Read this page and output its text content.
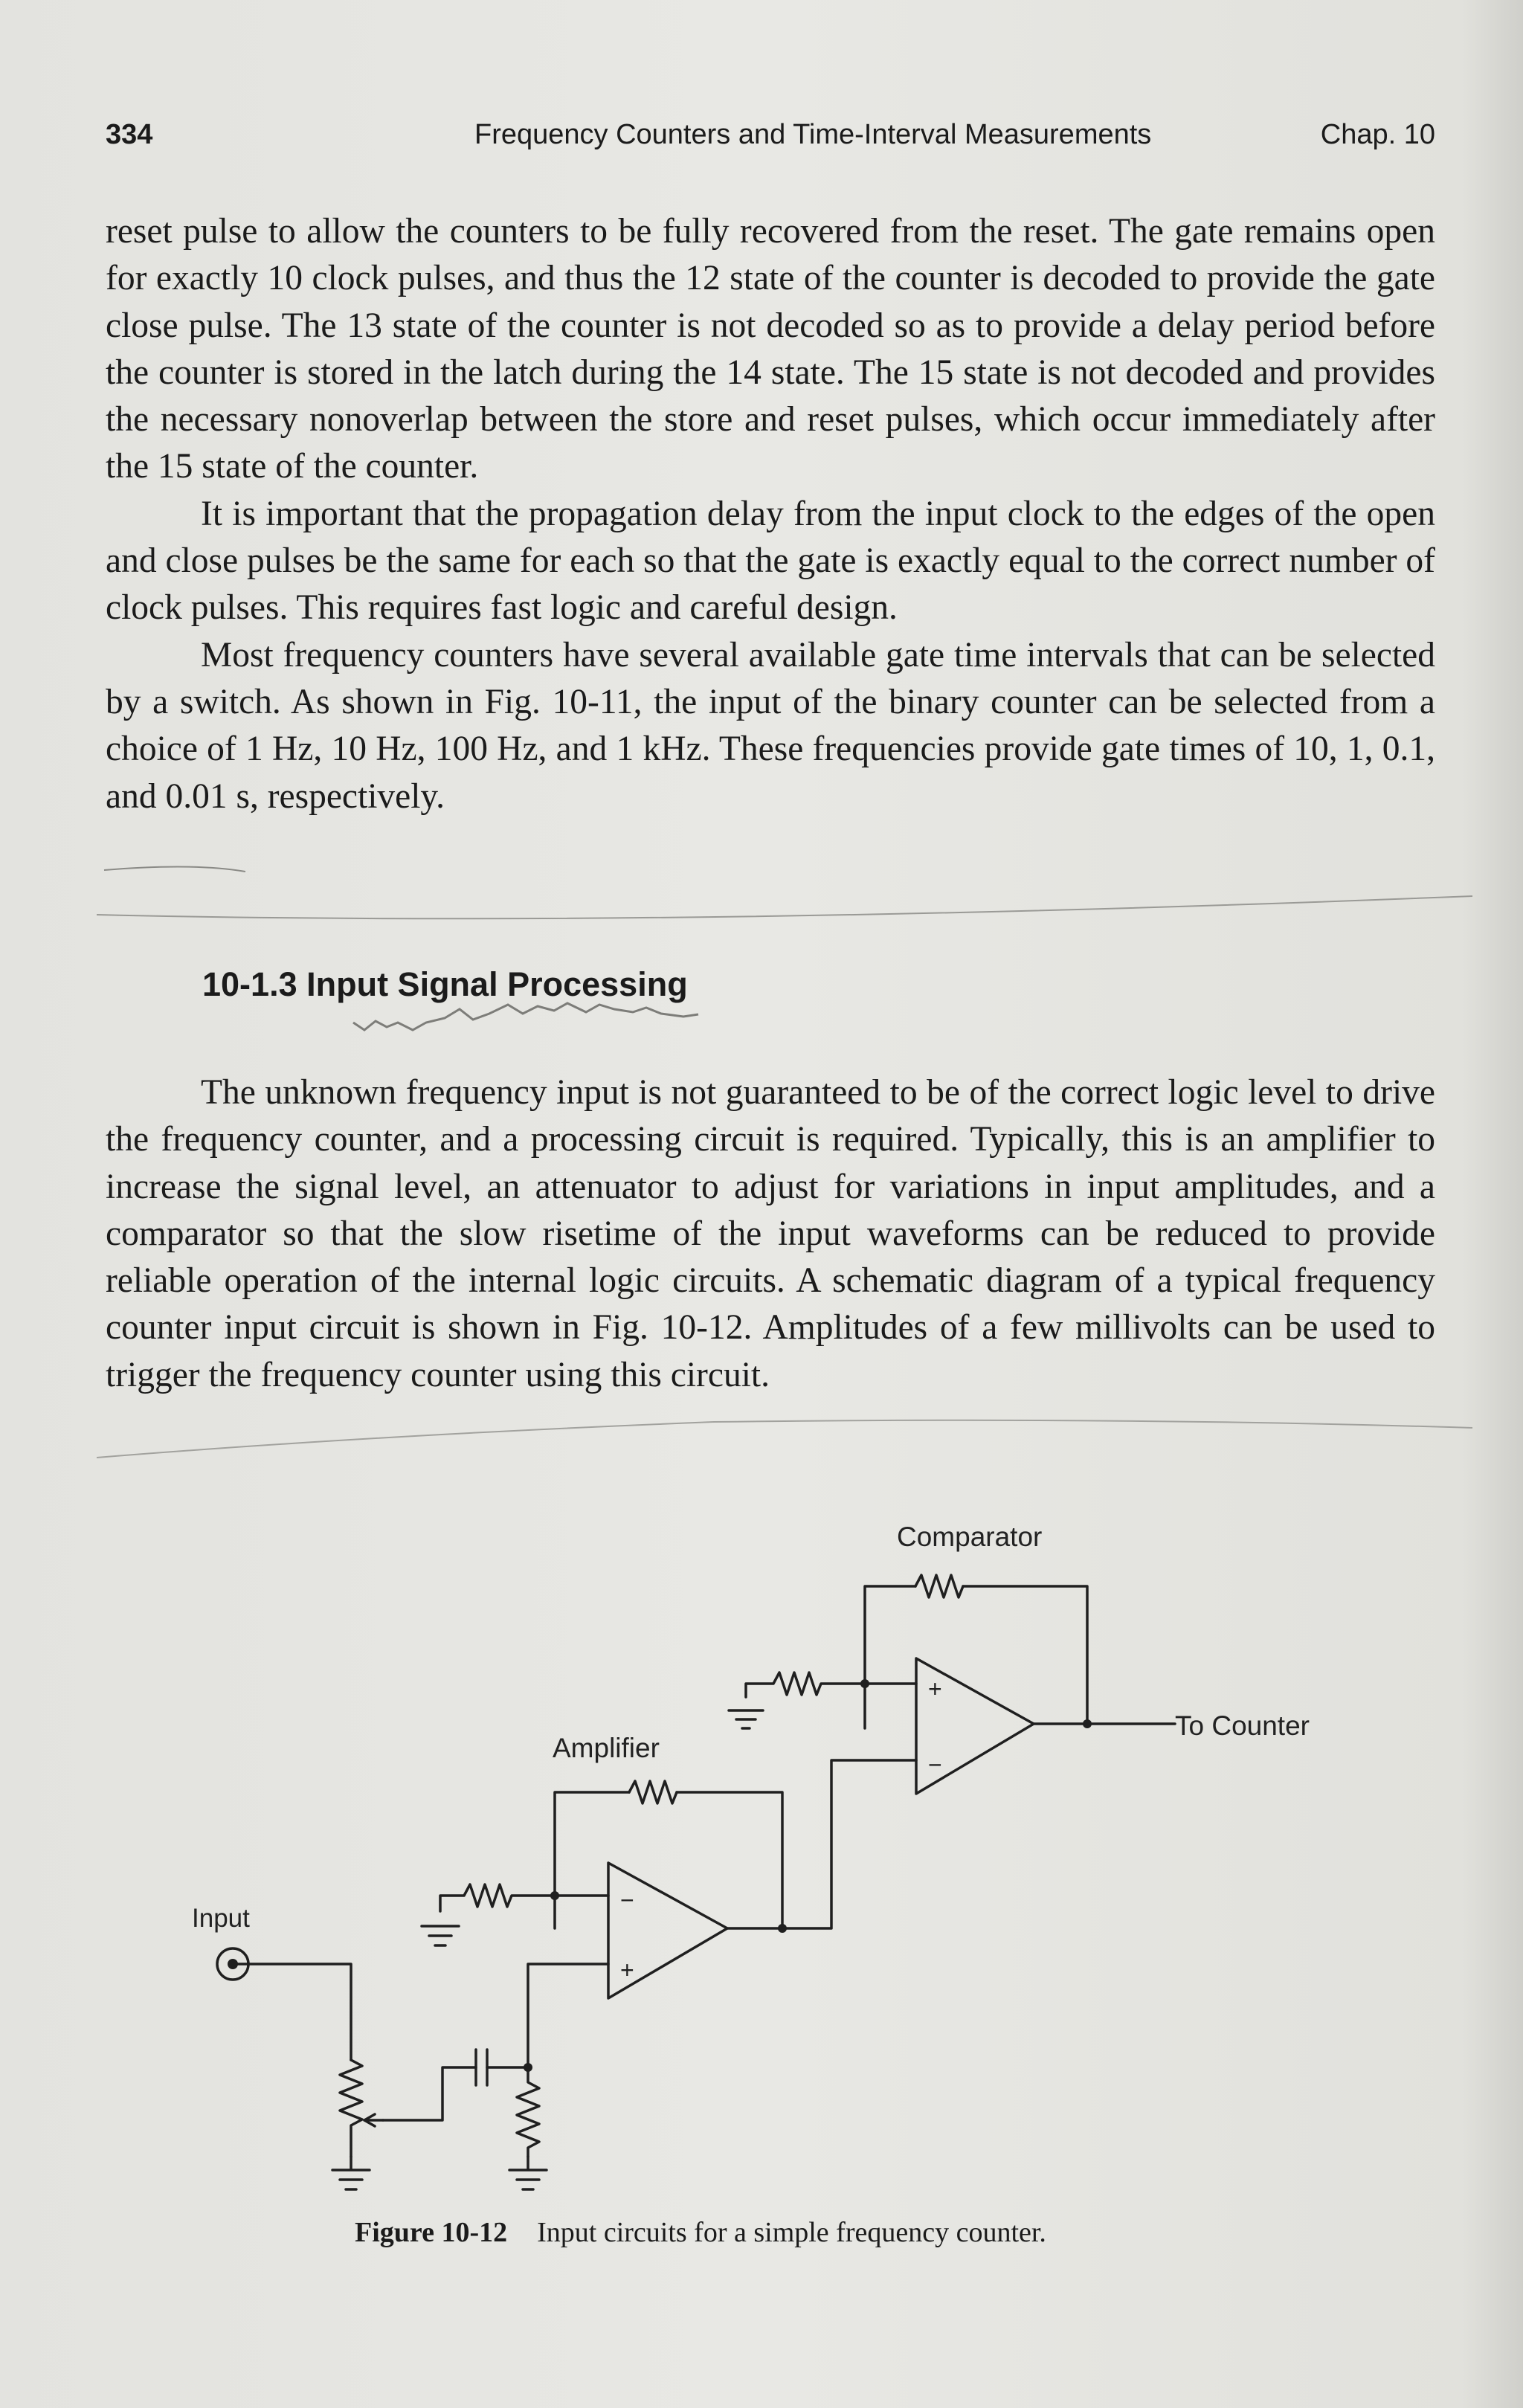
334	Frequency Counters and Time-Interval Measurements	Chap. 10

reset pulse to allow the counters to be fully recovered from the reset. The gate remains open for exactly 10 clock pulses, and thus the 12 state of the counter is decoded to provide the gate close pulse. The 13 state of the counter is not decoded so as to provide a delay period before the counter is stored in the latch during the 14 state. The 15 state is not decoded and provides the necessary nonoverlap between the store and reset pulses, which occur immediately after the 15 state of the counter.

It is important that the propagation delay from the input clock to the edges of the open and close pulses be the same for each so that the gate is exactly equal to the correct number of clock pulses. This requires fast logic and careful design.

Most frequency counters have several available gate time intervals that can be selected by a switch. As shown in Fig. 10-11, the input of the binary counter can be selected from a choice of 1 Hz, 10 Hz, 100 Hz, and 1 kHz. These frequencies provide gate times of 10, 1, 0.1, and 0.01 s, respectively.

10-1.3 Input Signal Processing

The unknown frequency input is not guaranteed to be of the correct logic level to drive the frequency counter, and a processing circuit is required. Typically, this is an amplifier to increase the signal level, an attenuator to adjust for variations in input amplitudes, and a comparator so that the slow risetime of the input waveforms can be reduced to provide reliable operation of the internal logic circuits. A schematic diagram of a typical frequency counter input circuit is shown in Fig. 10-12. Amplitudes of a few millivolts can be used to trigger the frequency counter using this circuit.

+
−
−
+
Comparator
Amplifier
Input
To Counter
Figure 10-12 Input circuits for a simple frequency counter.
